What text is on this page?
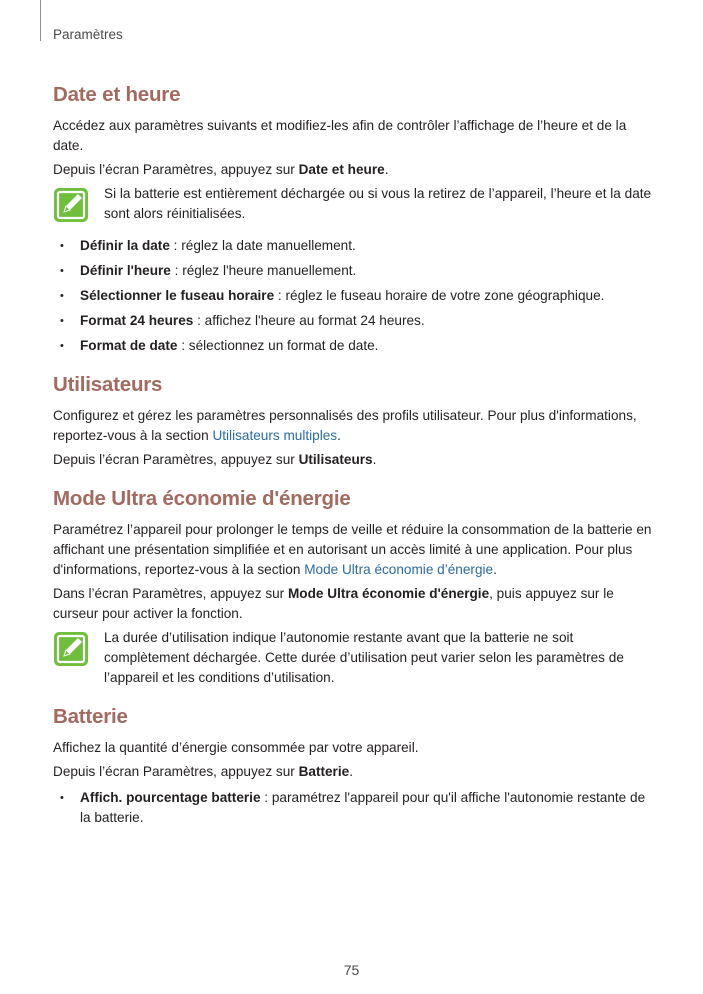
Paramètres
Date et heure

Accédez aux paramètres suivants et modifiez-les afin de contrôler l’affichage de l’heure et de la date.

Depuis l’écran Paramètres, appuyez sur Date et heure.

Si la batterie est entièrement déchargée ou si vous la retirez de l’appareil, l’heure et la date sont alors réinitialisées.

• Définir la date : réglez la date manuellement.
• Définir l'heure : réglez l'heure manuellement.
• Sélectionner le fuseau horaire : réglez le fuseau horaire de votre zone géographique.
• Format 24 heures : affichez l'heure au format 24 heures.
• Format de date : sélectionnez un format de date.
Utilisateurs

Configurez et gérez les paramètres personnalisés des profils utilisateur. Pour plus d'informations, reportez-vous à la section Utilisateurs multiples.

Depuis l’écran Paramètres, appuyez sur Utilisateurs.

Mode Ultra économie d'énergie

Paramétrez l’appareil pour prolonger le temps de veille et réduire la consommation de la batterie en affichant une présentation simplifiée et en autorisant un accès limité à une application. Pour plus d'informations, reportez-vous à la section Mode Ultra économie d’énergie.

Dans l’écran Paramètres, appuyez sur Mode Ultra économie d'énergie, puis appuyez sur le curseur pour activer la fonction.

La durée d’utilisation indique l’autonomie restante avant que la batterie ne soit complètement déchargée. Cette durée d’utilisation peut varier selon les paramètres de l’appareil et les conditions d’utilisation.

Batterie

Affichez la quantité d’énergie consommée par votre appareil.

Depuis l’écran Paramètres, appuyez sur Batterie.

• Affich. pourcentage batterie : paramétrez l'appareil pour qu'il affiche l'autonomie restante de la batterie.
75
